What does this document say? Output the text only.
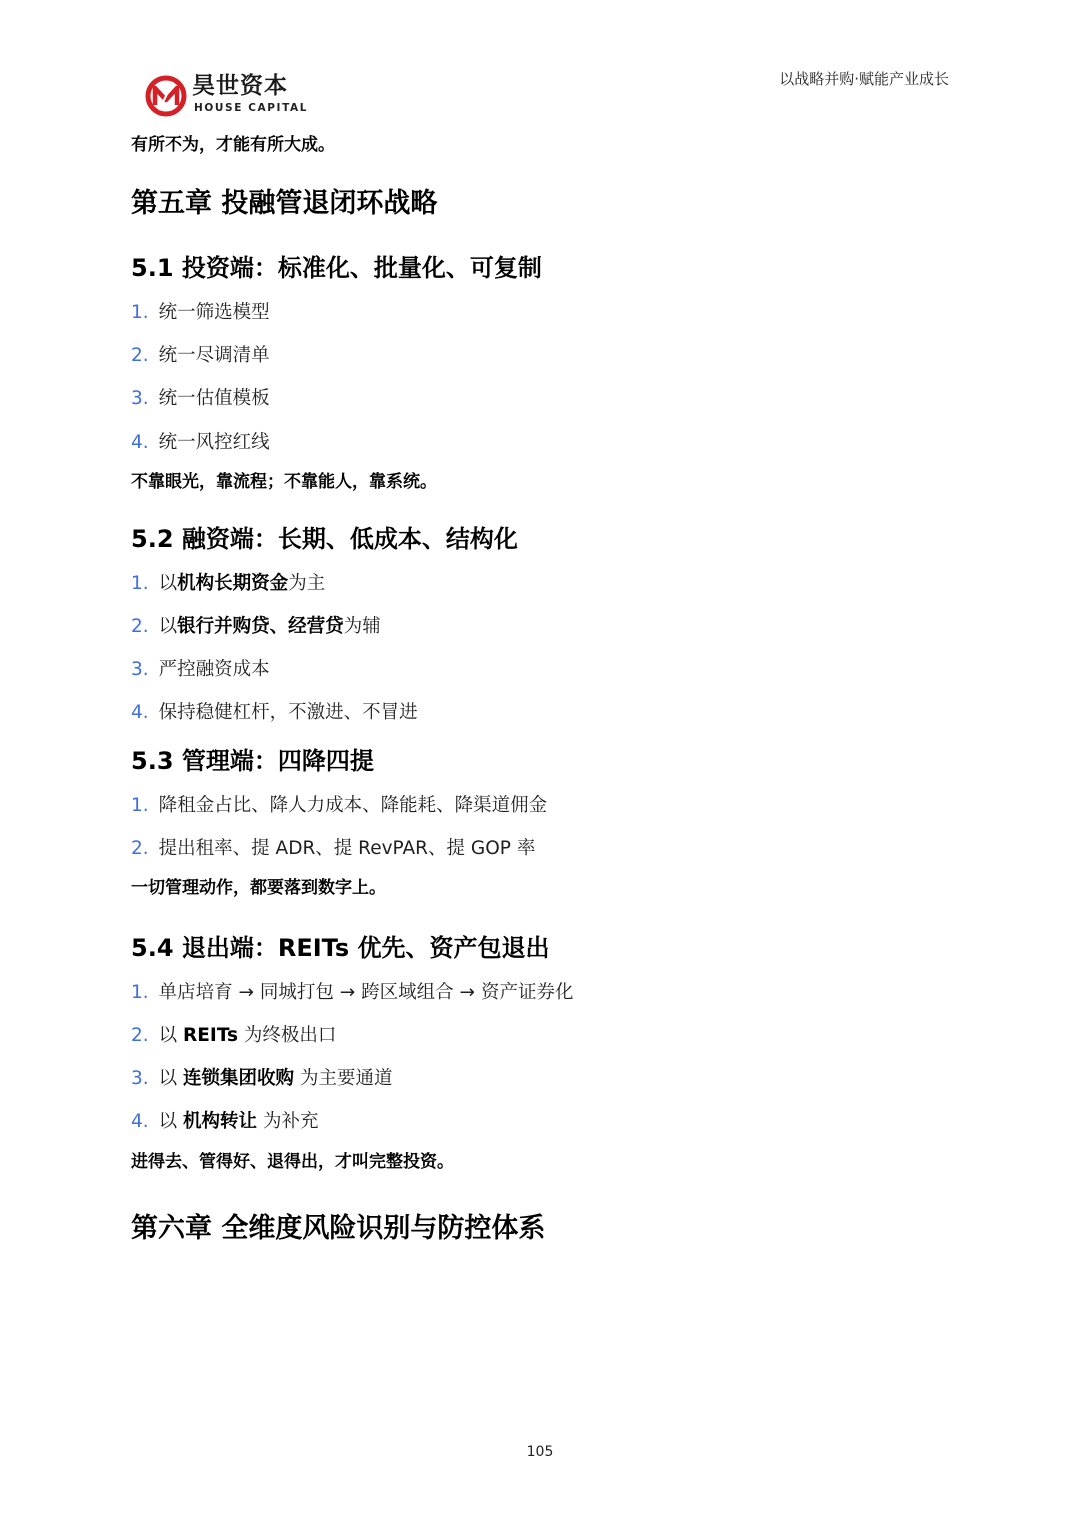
以战略并购·赋能产业成长
昊世资本
HOUSE CAPITAL

有所不为，才能有所大成。

第五章 投融管退闭环战略
5.1 投资端：标准化、批量化、可复制
1. 统一筛选模型
2. 统一尽调清单
3. 统一估值模板
4. 统一风控红线

不靠眼光，靠流程；不靠能人，靠系统。

5.2 融资端：长期、低成本、结构化
1. 以机构长期资金为主
2. 以银行并购贷、经营贷为辅
3. 严控融资成本
4. 保持稳健杠杆，不激进、不冒进
5.3 管理端：四降四提
1. 降租金占比、降人力成本、降能耗、降渠道佣金
2. 提出租率、提 ADR、提 RevPAR、提 GOP 率

一切管理动作，都要落到数字上。

5.4 退出端：REITs 优先、资产包退出
1. 单店培育 → 同城打包 → 跨区域组合 → 资产证券化
2. 以 REITs 为终极出口
3. 以 连锁集团收购 为主要通道
4. 以 机构转让 为补充

进得去、管得好、退得出，才叫完整投资。

第六章 全维度风险识别与防控体系
105
